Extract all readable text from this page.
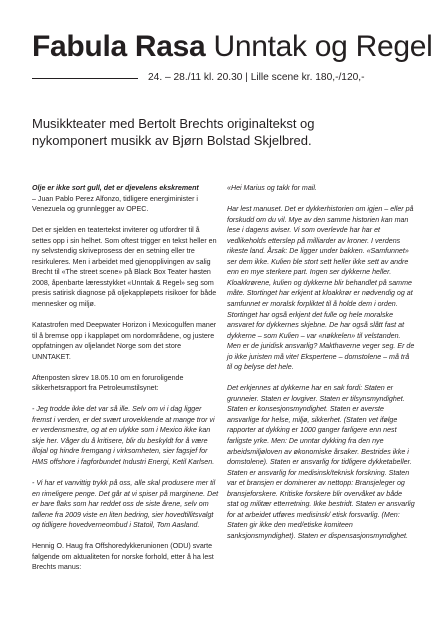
Fabula Rasa Unntak og Regel
24. – 28./11 kl. 20.30 | Lille scene kr. 180,-/120,-
Musikkteater med Bertolt Brechts originaltekst og nykomponert musikk av Bjørn Bolstad Skjelbred.

Olje er ikke sort gull, det er djevelens ekskrement
– Juan Pablo Perez Alfonzo, tidligere energiminister i Venezuela og grunnlegger av OPEC.

Det er sjelden en teatertekst inviterer og utfordrer til å settes opp i sin helhet. Som oftest trigger en tekst heller en ny selvstendig skriveprosess der en setning eller tre resirkuleres. Men i arbeidet med gjenopplivingen av salig Brecht til «The street scene» på Black Box Teater høsten 2008, åpenbarte læresstykket «Unntak & Regel» seg som presis satirisk diagnose på oljekappløpets risikoer for både mennesker og miljø.

Katastrofen med Deepwater Horizon i Mexicogulfen maner til å bremse opp i kappløpet om nordområdene, og justere oppfatningen av oljelandet Norge som det store UNNTAKET.

Aftenposten skrev 18.05.10 om en foruroligende sikkerhetsrapport fra Petroleumstilsynet:

- Jeg trodde ikke det var så ille. Selv om vi i dag ligger fremst i verden, er det svært urovekkende at mange tror vi er verdensmestre, og at en ulykke som i Mexico ikke kan skje her. Våger du å kritisere, blir du beskyldt for å være illojal og hindre fremgang i virksomheten, sier fagsjef for HMS offshore i fagforbundet Industri Energi, Ketil Karlsen.

- Vi har et vanvittig trykk på oss, alle skal produsere mer til en rimeligere penge. Det går at vi spiser på marginene. Det er bare flaks som har reddet oss de siste årene, selv om tallene fra 2009 viste en liten bedring, sier hovedtillitsvalgt og tidligere hovedverneombud i Statoil, Tom Aasland.

Hennig O. Haug fra Offshoredykkerunionen (ODU) svarte følgende om aktualiteten for norske forhold, etter å ha lest Brechts manus:

«Hei Marius og takk for mail.

Har lest manuset. Det er dykkerhistorien om igjen – eller på forskudd om du vil. Mye av den samme historien kan man lese i dagens aviser. Vi som overlevde har har et vedlikeholds etterslep på milliarder av kroner. I verdens rikeste land. Årsak: De ligger under bakken. «Samfunnet» ser dem ikke. Kulien ble stort sett heller ikke sett av andre enn en mye sterkere part. Ingen ser dykkerne heller. Kloakkrørene, kulien og dykkerne blir behandlet på samme måte. Stortinget har erkjent at kloakkrør er nødvendig og at samfunnet er moralsk forpliktet til å holde dem i orden. Stortinget har også erkjent det fulle og hele moralske ansvaret for dykkernes skjebne. De har også slått fast at dykkerne – som Kulien – var «nøkkelen» til velstanden. Men er de juridisk ansvarlig? Makthaverne veger seg. Er de jo ikke juristen må vite! Ekspertene – domstolene – må trå til og belyse det hele.

Det erkjennes at dykkerne har en sak fordi: Staten er grunneier. Staten er lovgiver. Staten er tilsynsmyndighet. Staten er konsesjonsmyndighet. Staten er averste ansvarlige for helse, miljø, sikkerhet. (Staten vet ifølge rapporter at dykking er 1000 ganger farligere enn nest farligste yrke. Men: De unntar dykking fra den nye arbeidsmiljøloven av økonomiske årsaker. Bestrides ikke i domstolene). Staten er ansvarlig for tidligere dykketabeller. Staten er ansvarlig for medisinsk/teknisk forskning. Staten var et bransjen er dominerer av nettopp: Bransjeleger og bransjeforskere. Kritiske forskere blir overvåket av både stat og militær etterretning. Ikke bestridt. Staten er ansvarlig for at arbeidet utføres medisinsk/ etisk forsvarlig. (Men: Staten gir ikke den med/etiske komiteen sanksjonsmyndighet). Staten er dispensasjonsmyndighet.
